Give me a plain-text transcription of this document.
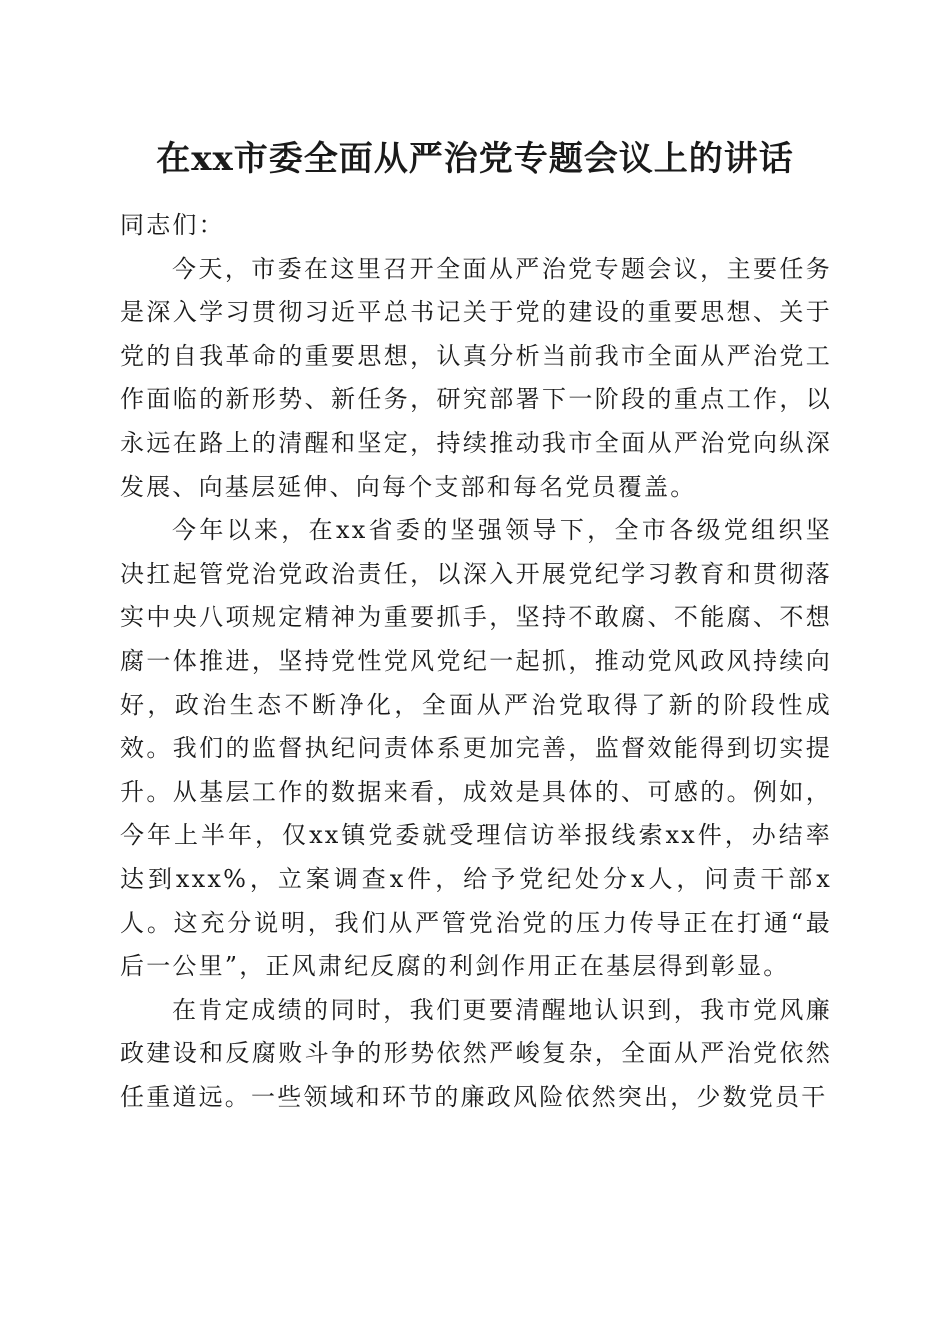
在xx市委全面从严治党专题会议上的讲话

同志们：

今天，市委在这里召开全面从严治党专题会议，主要任务是深入学习贯彻习近平总书记关于党的建设的重要思想、关于党的自我革命的重要思想，认真分析当前我市全面从严治党工作面临的新形势、新任务，研究部署下一阶段的重点工作，以永远在路上的清醒和坚定，持续推动我市全面从严治党向纵深发展、向基层延伸、向每个支部和每名党员覆盖。

今年以来，在xx省委的坚强领导下，全市各级党组织坚决扛起管党治党政治责任，以深入开展党纪学习教育和贯彻落实中央八项规定精神为重要抓手，坚持不敢腐、不能腐、不想腐一体推进，坚持党性党风党纪一起抓，推动党风政风持续向好，政治生态不断净化，全面从严治党取得了新的阶段性成效。我们的监督执纪问责体系更加完善，监督效能得到切实提升。从基层工作的数据来看，成效是具体的、可感的。例如，今年上半年，仅xx镇党委就受理信访举报线索xx件，办结率达到xxx%，立案调查x件，给予党纪处分x人，问责干部x人。这充分说明，我们从严管党治党的压力传导正在打通“最后一公里”，正风肃纪反腐的利剑作用正在基层得到彰显。

在肯定成绩的同时，我们更要清醒地认识到，我市党风廉政建设和反腐败斗争的形势依然严峻复杂，全面从严治党依然任重道远。一些领域和环节的廉政风险依然突出，少数党员干
